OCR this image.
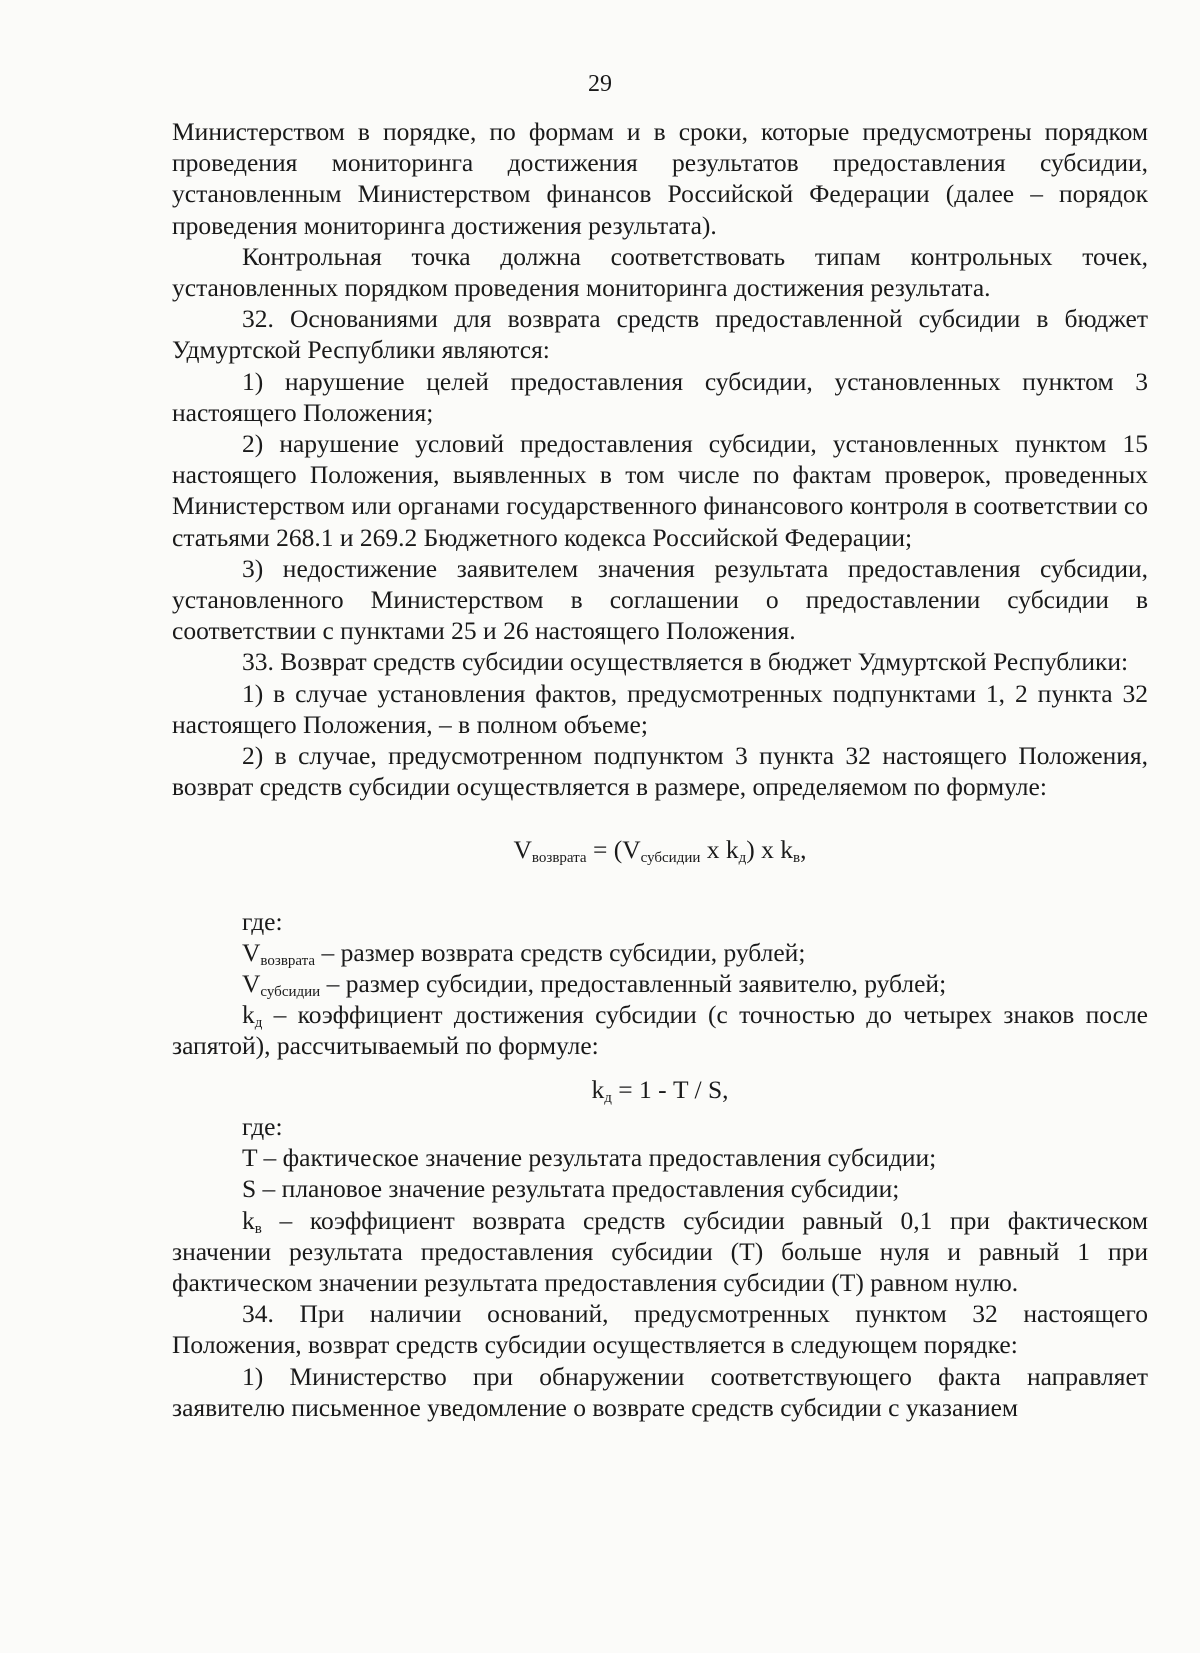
29

Министерством в порядке, по формам и в сроки, которые предусмотрены порядком проведения мониторинга достижения результатов предоставления субсидии, установленным Министерством финансов Российской Федерации (далее – порядок проведения мониторинга достижения результата).

Контрольная точка должна соответствовать типам контрольных точек, установленных порядком проведения мониторинга достижения результата.

32. Основаниями для возврата средств предоставленной субсидии в бюджет Удмуртской Республики являются:

1) нарушение целей предоставления субсидии, установленных пунктом 3 настоящего Положения;

2) нарушение условий предоставления субсидии, установленных пунктом 15 настоящего Положения, выявленных в том числе по фактам проверок, проведенных Министерством или органами государственного финансового контроля в соответствии со статьями 268.1 и 269.2 Бюджетного кодекса Российской Федерации;

3) недостижение заявителем значения результата предоставления субсидии, установленного Министерством в соглашении о предоставлении субсидии в соответствии с пунктами 25 и 26 настоящего Положения.

33. Возврат средств субсидии осуществляется в бюджет Удмуртской Республики:

1) в случае установления фактов, предусмотренных подпунктами 1, 2 пункта 32 настоящего Положения, – в полном объеме;

2) в случае, предусмотренном подпунктом 3 пункта 32 настоящего Положения, возврат средств субсидии осуществляется в размере, определяемом по формуле:

$V_{возврата} = (V_{субсидии}$ x $k_д$) x $k_в$,

где:

$V_{возврата}$ – размер возврата средств субсидии, рублей;

$V_{субсидии}$ – размер субсидии, предоставленный заявителю, рублей;

$k_д$ – коэффициент достижения субсидии (с точностью до четырех знаков после запятой), рассчитываемый по формуле:

$k_д = 1 - T / S$,

где:

T – фактическое значение результата предоставления субсидии;

S – плановое значение результата предоставления субсидии;

$k_в$ – коэффициент возврата средств субсидии равный 0,1 при фактическом значении результата предоставления субсидии (T) больше нуля и равный 1 при фактическом значении результата предоставления субсидии (T) равном нулю.

34. При наличии оснований, предусмотренных пунктом 32 настоящего Положения, возврат средств субсидии осуществляется в следующем порядке:

1) Министерство при обнаружении соответствующего факта направляет заявителю письменное уведомление о возврате средств субсидии с указанием
